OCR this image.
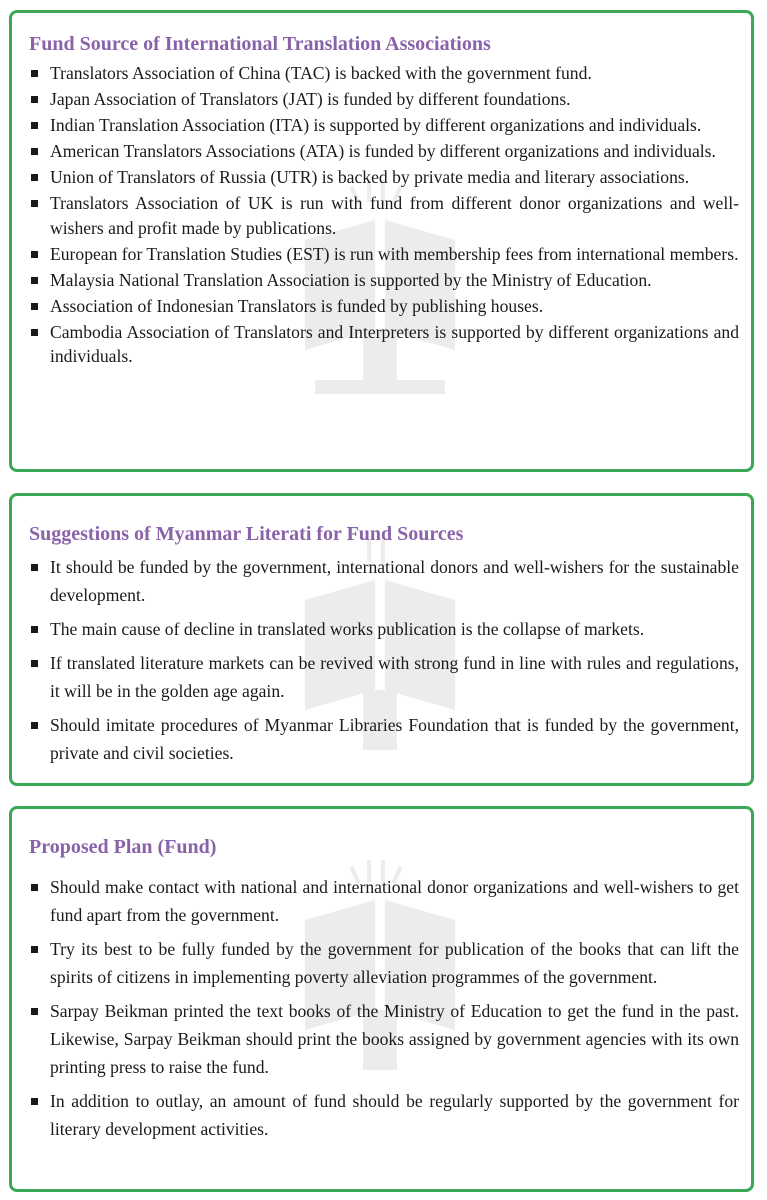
Fund Source of International Translation Associations
Translators Association of China (TAC) is backed with the government fund.
Japan Association of Translators (JAT) is funded by different foundations.
Indian Translation Association (ITA) is supported by different organizations and individuals.
American Translators Associations (ATA) is funded by different organizations and individuals.
Union of Translators of Russia (UTR) is backed by private media and literary associations.
Translators Association of UK is run with fund from different donor organizations and well-wishers and profit made by publications.
European for Translation Studies (EST) is run with membership fees from international members.
Malaysia National Translation Association is supported by the Ministry of Education.
Association of Indonesian Translators is funded by publishing houses.
Cambodia Association of Translators and Interpreters is supported by different organizations and individuals.
Suggestions of Myanmar Literati for Fund Sources
It should be funded by the government, international donors and well-wishers for the sustainable development.
The main cause of decline in translated works publication is the collapse of markets.
If translated literature markets can be revived with strong fund in line with rules and regulations, it will be in the golden age again.
Should imitate procedures of Myanmar Libraries Foundation that is funded by the government, private and civil societies.
Proposed Plan (Fund)
Should make contact with national and international donor organizations and well-wishers to get fund apart from the government.
Try its best to be fully funded by the government for publication of the books that can lift the spirits of citizens in implementing poverty alleviation programmes of the government.
Sarpay Beikman printed the text books of the Ministry of Education to get the fund in the past. Likewise, Sarpay Beikman should print the books assigned by government agencies with its own printing press to raise the fund.
In addition to outlay, an amount of fund should be regularly supported by the government for literary development activities.
